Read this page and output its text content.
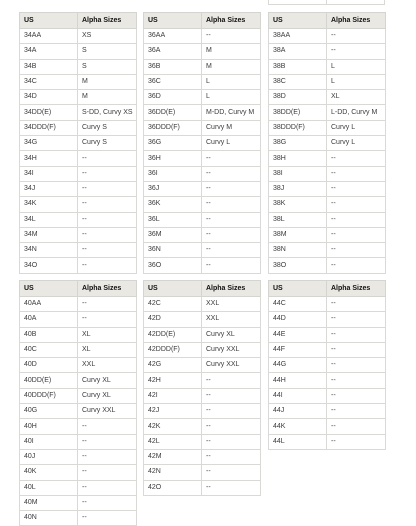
US	Alpha Sizes
34AA	XS
34A	S
34B	S
34C	M
34D	M
34DD(E)	S-DD, Curvy XS
34DDD(F)	Curvy S
34G	Curvy S
34H	--
34I	--
34J	--
34K	--
34L	--
34M	--
34N	--
34O	--
US	Alpha Sizes
36AA	--
36A	M
36B	M
36C	L
36D	L
36DD(E)	M-DD, Curvy M
36DDD(F)	Curvy M
36G	Curvy L
36H	--
36I	--
36J	--
36K	--
36L	--
36M	--
36N	--
36O	--
US	Alpha Sizes
38AA	--
38A	--
38B	L
38C	L
38D	XL
38DD(E)	L-DD, Curvy M
38DDD(F)	Curvy L
38G	Curvy L
38H	--
38I	--
38J	--
38K	--
38L	--
38M	--
38N	--
38O	--
US	Alpha Sizes
40AA	--
40A	--
40B	XL
40C	XL
40D	XXL
40DD(E)	Curvy XL
40DDD(F)	Curvy XL
40G	Curvy XXL
40H	--
40I	--
40J	--
40K	--
40L	--
40M	--
40N	--
US	Alpha Sizes
42C	XXL
42D	XXL
42DD(E)	Curvy XL
42DDD(F)	Curvy XXL
42G	Curvy XXL
42H	--
42I	--
42J	--
42K	--
42L	--
42M	--
42N	--
42O	--
US	Alpha Sizes
44C	--
44D	--
44E	--
44F	--
44G	--
44H	--
44I	--
44J	--
44K	--
44L	--
